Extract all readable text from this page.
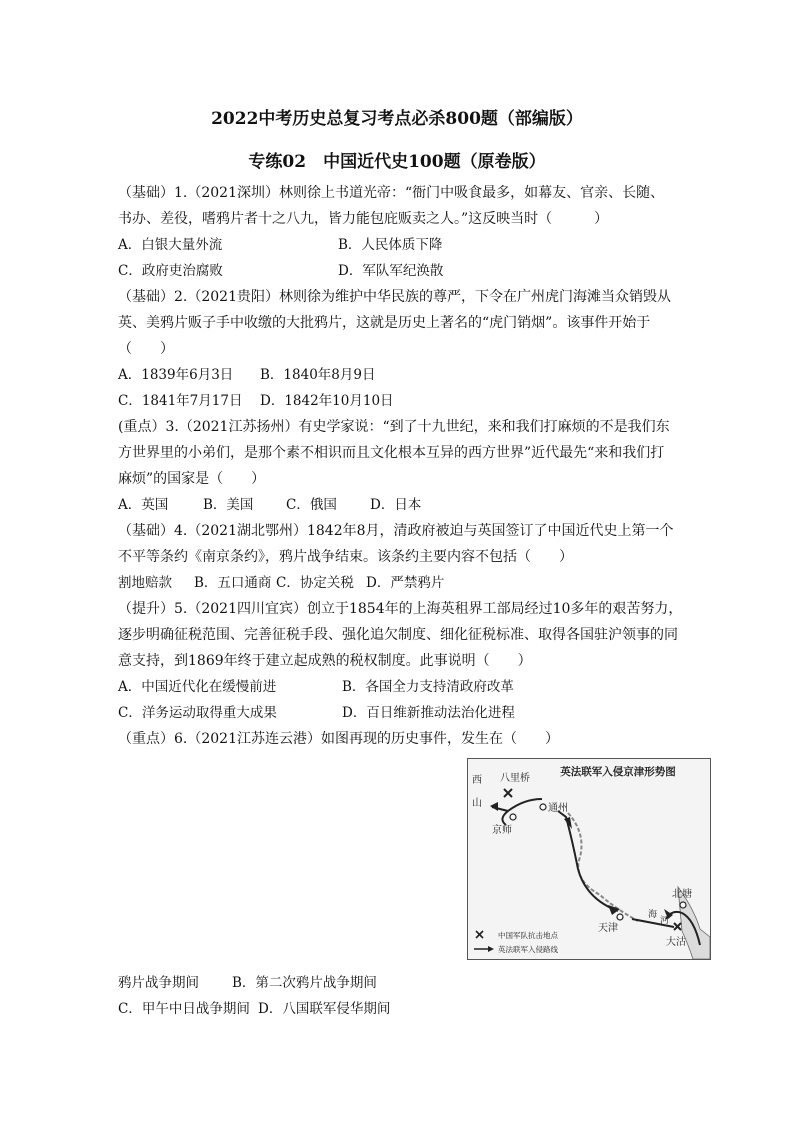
2022中考历史总复习考点必杀800题（部编版）
专练02　中国近代史100题（原卷版）
（基础）1.（2021深圳）林则徐上书道光帝：“衙门中吸食最多，如幕友、官亲、长随、
书办、差役，嗜鸦片者十之八九，皆力能包庇贩卖之人。”这反映当时（　　　）
A．白银大量外流	B．人民体质下降
C．政府吏治腐败	D．军队军纪涣散
（基础）2.（2021贵阳）林则徐为维护中华民族的尊严，下令在广州虎门海滩当众销毁从
英、美鸦片贩子手中收缴的大批鸦片，这就是历史上著名的“虎门销烟”。该事件开始于
（　　）
A．1839年6月3日 B．1840年8月9日
C．1841年7月17日 D．1842年10月10日
(重点）3.（2021江苏扬州）有史学家说：“到了十九世纪，来和我们打麻烦的不是我们东
方世界里的小弟们，是那个素不相识而且文化根本互异的西方世界”近代最先“来和我们打
麻烦”的国家是（　　）
A．英国	B．美国 C．俄国 D．日本
（基础）4.（2021湖北鄂州）1842年8月，清政府被迫与英国签订了中国近代史上第一个
不平等条约《南京条约》，鸦片战争结束。该条约主要内容不包括（　　）
割地赔款 B．五口通商 C．协定关税 D．严禁鸦片
（提升）5.（2021四川宜宾）创立于1854年的上海英租界工部局经过10多年的艰苦努力，
逐步明确征税范围、完善征税手段、强化追欠制度、细化征税标准、取得各国驻沪领事的同
意支持，到1869年终于建立起成熟的税权制度。此事说明（　　）
A．中国近代化在缓慢前进	B．各国全力支持清政府改革
C．洋务运动取得重大成果	D．百日维新推动法治化进程
（重点）6.（2021江苏连云港）如图再现的历史事件，发生在（　　）
英法联军入侵京津形势图
西
山
八里桥
通州
京师
天津
北塘
大沽
海
河
中国军队抗击地点
英法联军入侵路线
鸦片战争期间 B．第二次鸦片战争期间
C．甲午中日战争期间 D．八国联军侵华期间
